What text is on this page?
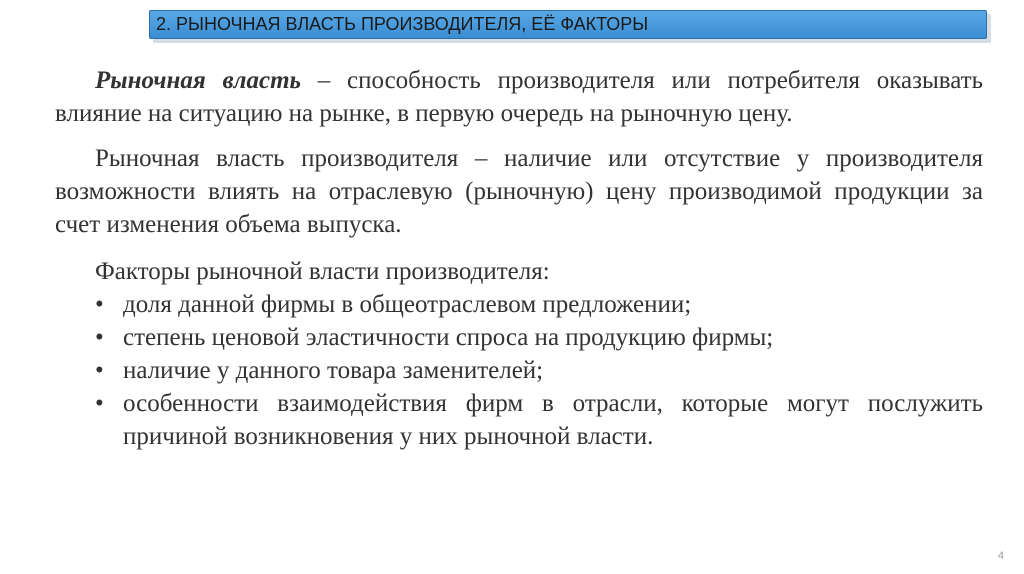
2. РЫНОЧНАЯ ВЛАСТЬ ПРОИЗВОДИТЕЛЯ, ЕЁ ФАКТОРЫ

Рыночная власть – способность производителя или потребителя оказывать влияние на ситуацию на рынке, в первую очередь на рыночную цену.

Рыночная власть производителя – наличие или отсутствие у производителя возможности влиять на отраслевую (рыночную) цену производимой продукции за счет изменения объема выпуска.

Факторы рыночной власти производителя:

• доля данной фирмы в общеотраслевом предложении;
• степень ценовой эластичности спроса на продукцию фирмы;
• наличие у данного товара заменителей;
• особенности взаимодействия фирм в отрасли, которые могут послужить причиной возникновения у них рыночной власти.
4
